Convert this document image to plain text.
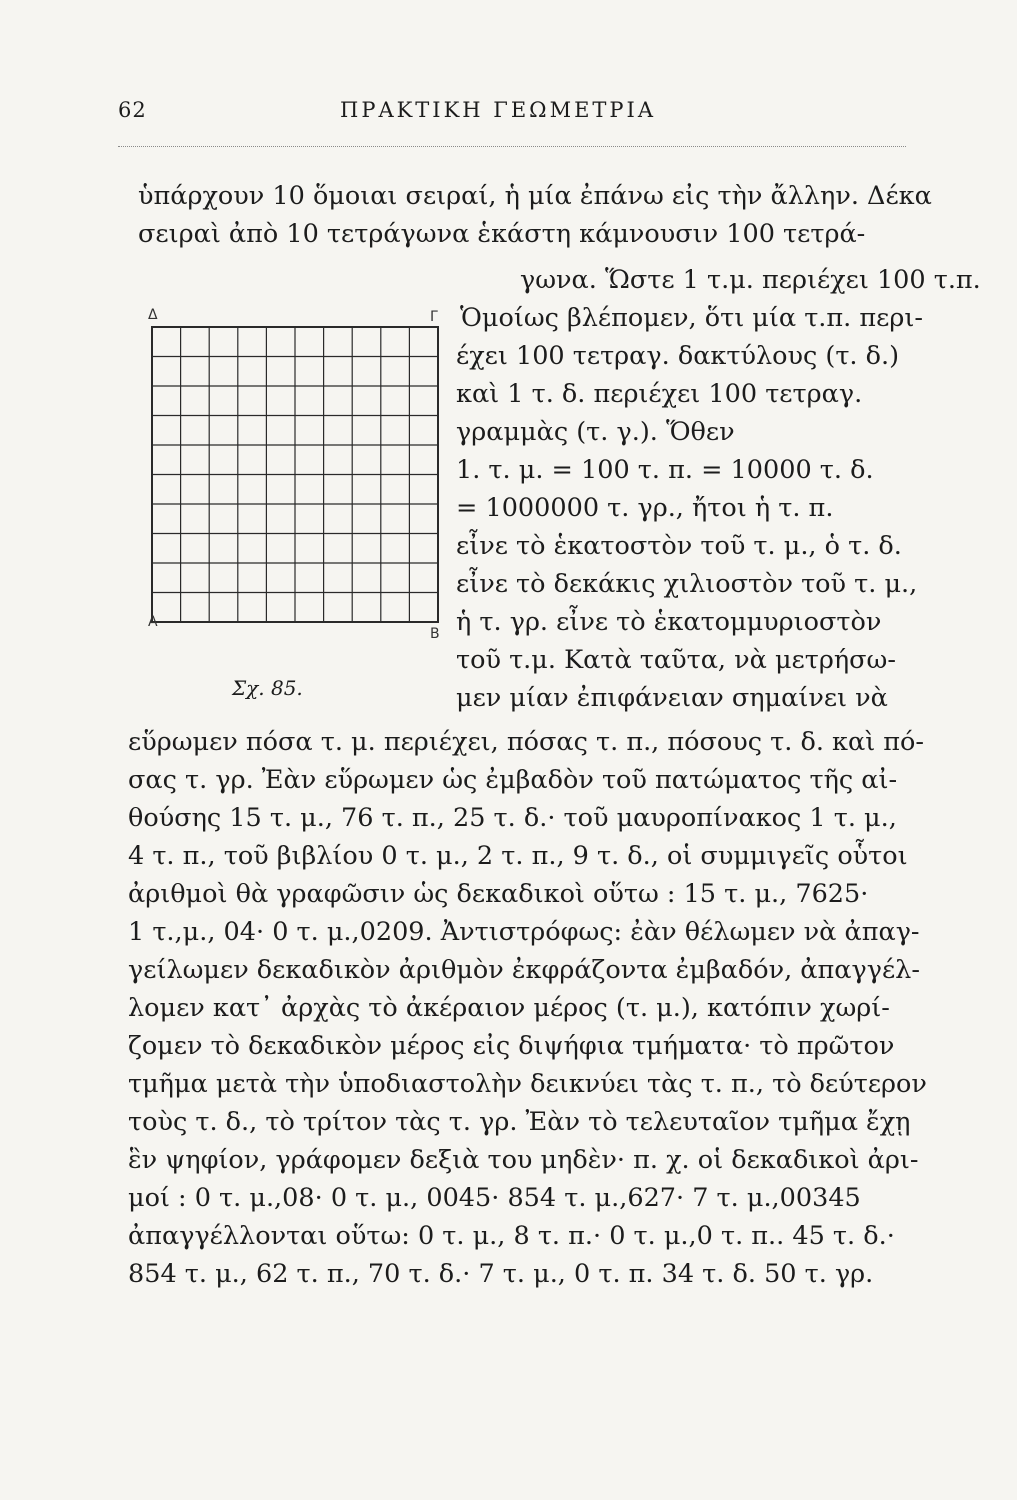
62	ΠΡΑΚΤΙΚΗ ΓΕΩΜΕΤΡΙΑ
ὑπάρχουν 10 ὅμοιαι σειραί, ἡ μία ἐπάνω εἰς τὴν ἄλλην. Δέκα
σειραὶ ἀπὸ 10 τετράγωνα ἑκάστη κάμνουσιν 100 τετρά-
Δ	Γ
Α
Β
Σχ. 85.
γωνα. Ὥστε 1 τ.μ. περιέχει 100 τ.π.
Ὁμοίως βλέπομεν, ὅτι μία τ.π. περι-
έχει 100 τετραγ. δακτύλους (τ. δ.)
καὶ 1 τ. δ. περιέχει 100 τετραγ.
γραμμὰς (τ. γ.). Ὅθεν
1. τ. μ. = 100 τ. π. = 10000 τ. δ.
= 1000000 τ. γρ., ἤτοι ἡ τ. π.
εἶνε τὸ ἑκατοστὸν τοῦ τ. μ., ὁ τ. δ.
εἶνε τὸ δεκάκις χιλιοστὸν τοῦ τ. μ.,
ἡ τ. γρ. εἶνε τὸ ἑκατομμυριοστὸν
τοῦ τ.μ. Κατὰ ταῦτα, νὰ μετρήσω-
μεν μίαν ἐπιφάνειαν σημαίνει νὰ
εὕρωμεν πόσα τ. μ. περιέχει, πόσας τ. π., πόσους τ. δ. καὶ πό-
σας τ. γρ. Ἐὰν εὕρωμεν ὡς ἐμβαδὸν τοῦ πατώματος τῆς αἰ-
θούσης 15 τ. μ., 76 τ. π., 25 τ. δ.· τοῦ μαυροπίνακος 1 τ. μ.,
4 τ. π., τοῦ βιβλίου 0 τ. μ., 2 τ. π., 9 τ. δ., οἱ συμμιγεῖς οὗτοι
ἀριθμοὶ θὰ γραφῶσιν ὡς δεκαδικοὶ οὕτω : 15 τ. μ., 7625·
1 τ.,μ., 04· 0 τ. μ.,0209. Ἀντιστρόφως: ἐὰν θέλωμεν νὰ ἀπαγ-
γείλωμεν δεκαδικὸν ἀριθμὸν ἐκφράζοντα ἐμβαδόν, ἀπαγγέλ-
λομεν κατ᾽ ἀρχὰς τὸ ἀκέραιον μέρος (τ. μ.), κατόπιν χωρί-
ζομεν τὸ δεκαδικὸν μέρος εἰς διψήφια τμήματα· τὸ πρῶτον
τμῆμα μετὰ τὴν ὑποδιαστολὴν δεικνύει τὰς τ. π., τὸ δεύτερον
τοὺς τ. δ., τὸ τρίτον τὰς τ. γρ. Ἐὰν τὸ τελευταῖον τμῆμα ἔχῃ
ἓν ψηφίον, γράφομεν δεξιὰ του μηδὲν· π. χ. οἱ δεκαδικοὶ ἀρι-
μοί : 0 τ. μ.,08· 0 τ. μ., 0045· 854 τ. μ.,627· 7 τ. μ.,00345
ἀπαγγέλλονται οὕτω: 0 τ. μ., 8 τ. π.· 0 τ. μ.,0 τ. π.. 45 τ. δ.·
854 τ. μ., 62 τ. π., 70 τ. δ.· 7 τ. μ., 0 τ. π. 34 τ. δ. 50 τ. γρ.
